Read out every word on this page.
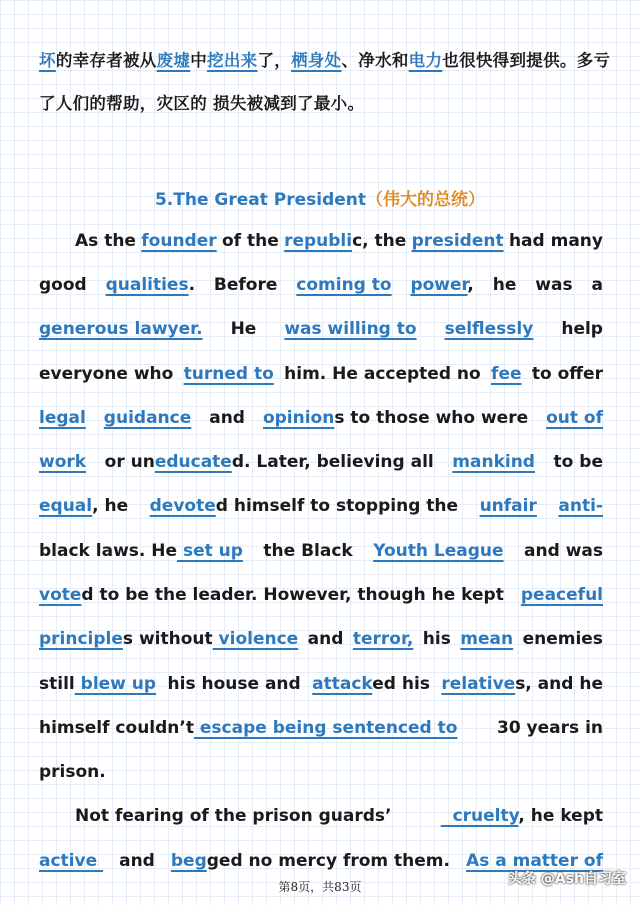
坏的幸存者被从废墟中挖出来了，栖身处、净水和电力也很快得到提供。多亏
了人们的帮助，灾区的 损失被减到了最小。
5.The Great President（伟大的总统）
As the founder of the republic, the president had many
good qualities. Before coming to power, he was a
generous lawyer. He was willing to selflessly help
everyone who turned to him. He accepted no fee to offer
legal guidance and opinions to those who were out of
work or uneducated. Later, believing all mankind to be
equal, he devoted himself to stopping the unfair anti-
black laws. He set up the Black Youth League and was
voted to be the leader. However, though he kept peaceful
principles without violence and terror, his mean enemies
still blew up his house and attacked his relatives, and he
himself couldn’t escape being sentenced to 30 years in
prison.
Not fearing of the prison guards’	cruelty, he kept
active and begged no mercy from them. As a matter of
第8页，共83页	头条 @Ash自习室
